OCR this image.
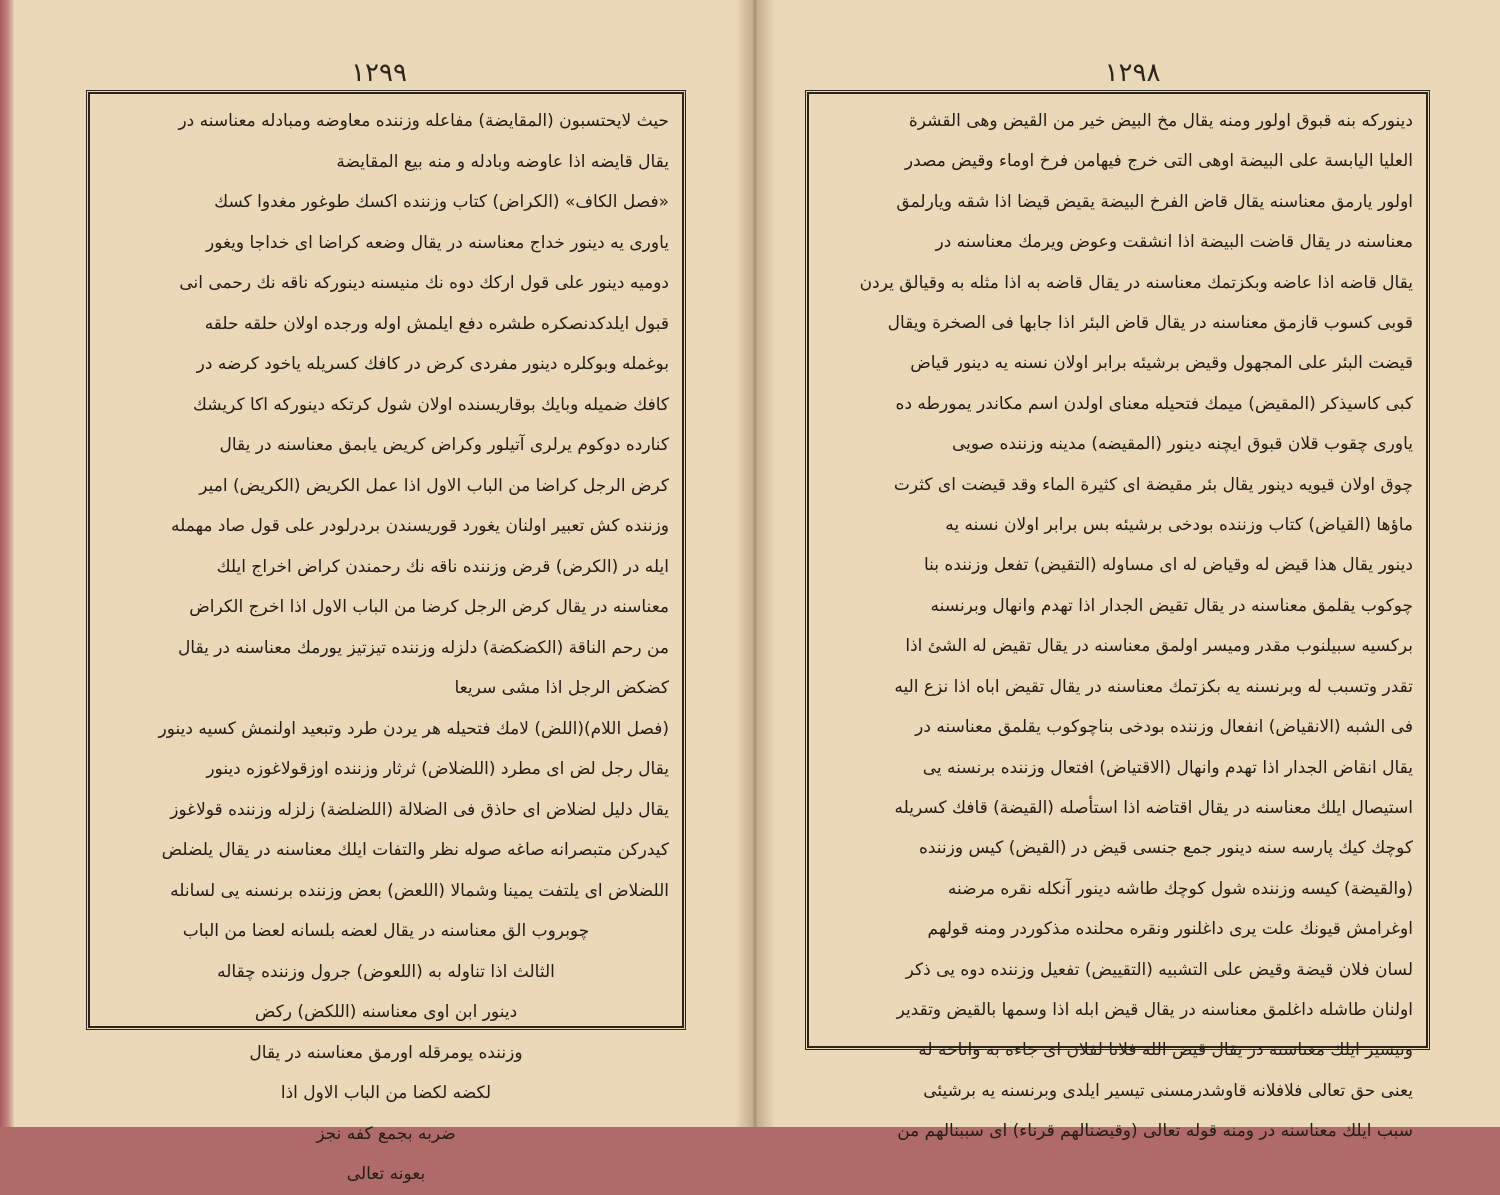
۱۲۹۹

حيث لايحتسبون (المقايضة) مفاعله وزننده معاوضه ومبادله معناسنه در

يقال قايضه اذا عاوضه وبادله و منه بيع المقايضة

«فصل الكاف» (الكراض) كتاب وزننده اكسك طوغور مغدوا كسك

ياورى يه دينور خداج معناسنه در يقال وضعه كراضا اى خداجا ويغور

دوميه دينور على قول اركك دوه نك منيسنه دينوركه ناقه نك رحمى انى

قبول ايلدكدنصكره طشره دفع ايلمش اوله ورجده اولان حلقه حلقه

بوغمله وبوكلره دينور مفردى كرض در كافك كسريله ياخود كرضه در

كافك ضميله وبايك بوقاريسنده اولان شول كرتكه دينوركه اكا كريشك

كنارده دوكوم يرلرى آتيلور وكراض كريض يابمق معناسنه در يقال

كرض الرجل كراضا من الباب الاول اذا عمل الكريض (الكريض) امير

وزننده كش تعبير اولنان يغورد قوريسندن بردرلودر على قول صاد مهمله

ايله در (الكرض) قرض وزننده ناقه نك رحمندن كراض اخراج ايلك

معناسنه در يقال كرض الرجل كرضا من الباب الاول اذا اخرج الكراض

من رحم الناقة (الكضكضة) دلزله وزننده تيزتيز يورمك معناسنه در يقال

كضكض الرجل اذا مشى سريعا

(فصل اللام)(اللض) لامك فتحيله هر يردن طرد وتبعيد اولنمش كسيه دينور

يقال رجل لض اى مطرد (اللضلاض) ثرثار وزننده اوزقولاغوزه دينور

يقال دليل لضلاض اى حاذق فى الضلالة (اللضلضة) زلزله وزننده قولاغوز

كيدركن متبصرانه صاغه صوله نظر والتفات ايلك معناسنه در يقال يلضلض

اللضلاض اى يلتفت يمينا وشمالا (اللعض) بعض وزننده برنسنه يى لسانله

چوبروب الق معناسنه در يقال لعضه بلسانه لعضا من الباب

الثالث اذا تناوله به (اللعوض) جرول وزننده چقاله

دينور ابن اوى معناسنه (اللكض) ركض

وزننده يومرقله اورمق معناسنه در يقال

لكضه لكضا من الباب الاول اذا

ضربه بجمع كفه نجز

بعونه تعالى

۱۲۹۸

دينوركه بنه قبوق اولور ومنه يقال مخ البيض خير من القيض وهى القشرة

العليا اليابسة على البيضة اوهى التى خرج فيهامن فرخ اوماء وقيض مصدر

اولور يارمق معناسنه يقال قاض الفرخ البيضة يقيض قيضا اذا شقه ويارلمق

معناسنه در يقال قاضت البيضة اذا انشقت وعوض ويرمك معناسنه در

يقال قاضه اذا عاضه وبكزتمك معناسنه در يقال قاضه به اذا مثله به وقيالق يردن

قوبى كسوب قازمق معناسنه در يقال قاض البئر اذا جابها فى الصخرة ويقال

قيضت البئر على المجهول وقيض برشيئه برابر اولان نسنه يه دينور قياض

كبى كاسيذكر (المقيض) ميمك فتحيله معناى اولدن اسم مكاندر يمورطه ده

ياورى چقوب قلان قبوق ايچنه دينور (المقيضه) مدينه وزننده صويى

چوق اولان قيويه دينور يقال بئر مقيضة اى كثيرة الماء وقد قيضت اى كثرت

ماؤها (القياض) كتاب وزننده بودخى برشيئه بس برابر اولان نسنه يه

دينور يقال هذا قيض له وقياض له اى مساوله (التقيض) تفعل وزننده بنا

چوكوب يقلمق معناسنه در يقال تقيض الجدار اذا تهدم وانهال وبرنسنه

بركسيه سبيلنوب مقدر وميسر اولمق معناسنه در يقال تقيض له الشئ اذا

تقدر وتسبب له وبرنسنه يه بكزتمك معناسنه در يقال تقيض اباه اذا نزع اليه

فى الشبه (الانقياض) انفعال وزننده بودخى بناچوكوب يقلمق معناسنه در

يقال انقاض الجدار اذا تهدم وانهال (الاقتياض) افتعال وزننده برنسنه يى

استيصال ايلك معناسنه در يقال اقتاضه اذا استأصله (القيضة) قافك كسريله

كوچك كيك پارسه سنه دينور جمع جنسى قيض در (القيض) كيس وزننده

(والقيضة) كيسه وزننده شول كوچك طاشه دينور آنكله نقره مرضنه

اوغرامش قيونك علت يرى داغلنور ونقره محلنده مذكوردر ومنه قولهم

لسان فلان قيضة وقيض على التشبيه (التقييض) تفعيل وزننده دوه يى ذكر

اولنان طاشله داغلمق معناسنه در يقال قيض ابله اذا وسمها بالقيض وتقدير

وتيسير ايلك معناسنه در يقال قيض الله فلانا لفلان اى جاءه به واتاحه له

يعنى حق تعالى فلافلانه قاوشدرمسنى تيسير ايلدى وبرنسنه يه برشيئى

سبب ايلك معناسنه در ومنه قوله تعالى (وقيضنالهم قرناء) اى سببنالهم من
